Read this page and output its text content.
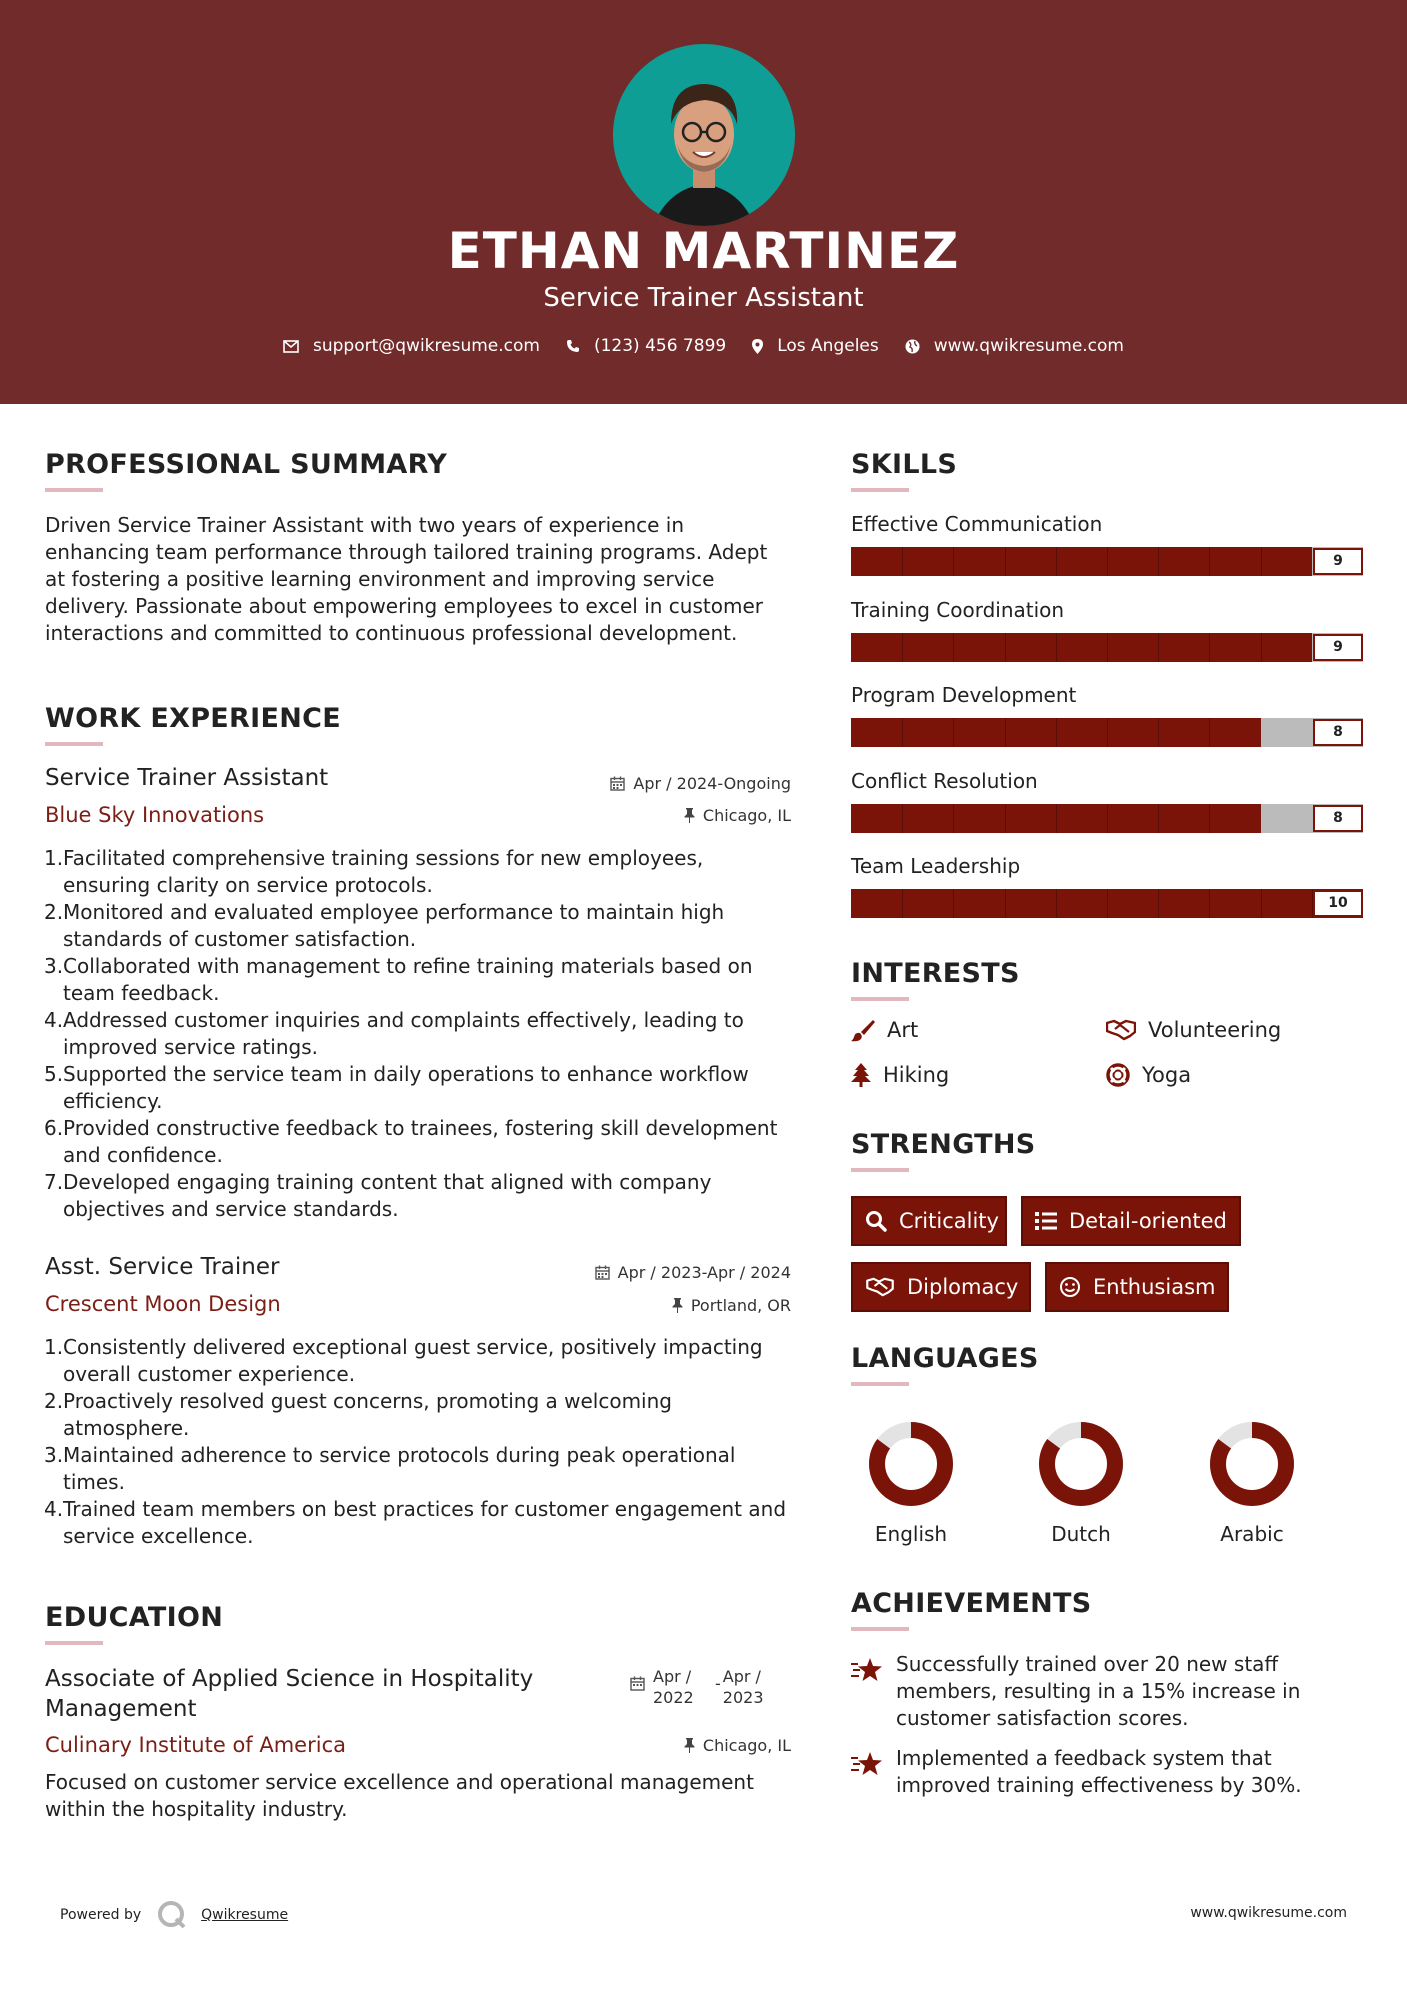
ETHAN MARTINEZ
Service Trainer Assistant
support@qwikresume.com	(123) 456 7899	Los Angeles	www.qwikresume.com
PROFESSIONAL SUMMARY
Driven Service Trainer Assistant with two years of experience in enhancing team performance through tailored training programs. Adept at fostering a positive learning environment and improving service delivery. Passionate about empowering employees to excel in customer interactions and committed to continuous professional development.
WORK EXPERIENCE
Service Trainer Assistant	Apr / 2024-Ongoing
Blue Sky Innovations	Chicago, IL
1. Facilitated comprehensive training sessions for new employees, ensuring clarity on service protocols.
2. Monitored and evaluated employee performance to maintain high standards of customer satisfaction.
3. Collaborated with management to refine training materials based on team feedback.
4. Addressed customer inquiries and complaints effectively, leading to improved service ratings.
5. Supported the service team in daily operations to enhance workflow efficiency.
6. Provided constructive feedback to trainees, fostering skill development and confidence.
7. Developed engaging training content that aligned with company objectives and service standards.
Asst. Service Trainer	Apr / 2023-Apr / 2024
Crescent Moon Design	Portland, OR
1. Consistently delivered exceptional guest service, positively impacting overall customer experience.
2. Proactively resolved guest concerns, promoting a welcoming atmosphere.
3. Maintained adherence to service protocols during peak operational times.
4. Trained team members on best practices for customer engagement and service excellence.
EDUCATION
Associate of Applied Science in Hospitality Management
Apr / 2022
- Apr / 2023
Culinary Institute of America	Chicago, IL
Focused on customer service excellence and operational management within the hospitality industry.
SKILLS
Effective Communication
9
Training Coordination
9
Program Development
8
Conflict Resolution
8
Team Leadership
10
INTERESTS
Art	Volunteering
Hiking	Yoga
STRENGTHS
Criticality	Detail-oriented
Diplomacy	Enthusiasm
LANGUAGES
English	Dutch	Arabic
ACHIEVEMENTS
Successfully trained over 20 new staff members, resulting in a 15% increase in customer satisfaction scores.
Implemented a feedback system that improved training effectiveness by 30%.
Powered by	Qwikresume	www.qwikresume.com
